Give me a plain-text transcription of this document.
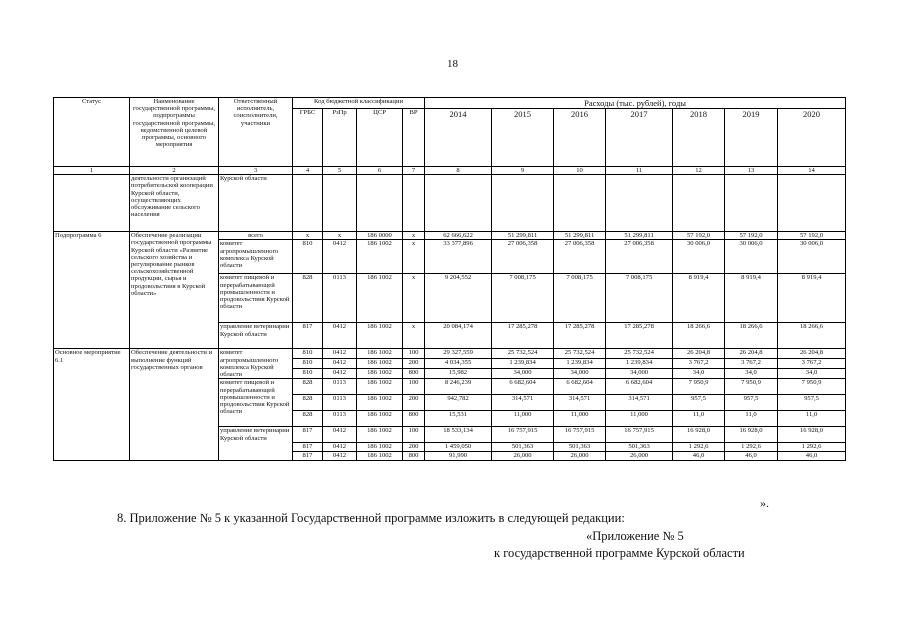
18
Статус	Наименование государственной программы, подпрограммы государственной программы, ведомственной целевой программы, основного мероприятия	Ответственный исполнитель, соисполнители, участники	Код бюджетной классификации				Расходы (тыс. рублей), годы						
			ГРБС	РзПр	ЦСР	ВР	2014	2015	2016	2017	2018	2019	2020
1	2	3	4	5	6	7	8	9	10	11	12	13	14
	деятельности организаций потребительской кооперации Курской области, осуществляющих обслуживание сельского населения	Курской области											
Подпрограмма 6	Обеспечение реализации государственной программы Курской области «Развитие сельского хозяйства и регулирование рынков сельскохозяйственной продукции, сырья и продовольствия в Курской области»	всего	х	х	186 0000	х	62 666,622	51 299,811	51 299,811	51 299,811	57 192,0	57 192,0	57 192,0
		комитет агропромышленного комплекса Курской области	810	0412	186 1002	х	33 377,896	27 006,358	27 006,358	27 006,358	30 006,0	30 006,0	30 006,0
		комитет пищевой и перерабатывающей промышленности и продовольствия Курской области	828	0113	186 1002	х	9 204,552	7 008,175	7 008,175	7 008,175	8 919,4	8 919,4	8 919,4
		управление ветеринарии Курской области	817	0412	186 1002	х	20 084,174	17 285,278	17 285,278	17 285,278	18 266,6	18 266,6	18 266,6
Основное мероприятие 6.1	Обеспечение деятельности и выполнение функций государственных органов	комитет агропромышленного комплекса Курской области	810	0412	186 1002	100	29 327,559	25 732,524	25 732,524	25 732,524	26 204,8	26 204,8	26 204,8
			810	0412	186 1002	200	4 034,355	1 239,834	1 239,834	1 239,834	3 767,2	3 767,2	3 767,2
			810	0412	186 1002	800	15,982	34,000	34,000	34,000	34,0	34,0	34,0
		комитет пищевой и перерабатывающей промышленности и продовольствия Курской области	828	0113	186 1002	100	8 246,239	6 682,604	6 682,604	6 682,604	7 950,9	7 950,9	7 950,9
			828	0113	186 1002	200	942,782	314,571	314,571	314,571	957,5	957,5	957,5
			828	0113	186 1002	800	15,531	11,000	11,000	11,000	11,0	11,0	11,0
		управление ветеринарии Курской области	817	0412	186 1002	100	18 533,134	16 757,915	16 757,915	16 757,915	16 928,0	16 928,0	16 928,0
			817	0412	186 1002	200	1 459,050	501,363	501,363	501,363	1 292,6	1 292,6	1 292,6
			817	0412	186 1002	800	91,990	26,000	26,000	26,000	46,0	46,0	46,0
».
8. Приложение № 5 к указанной Государственной программе изложить в следующей редакции:
«Приложение № 5
к государственной программе Курской области
